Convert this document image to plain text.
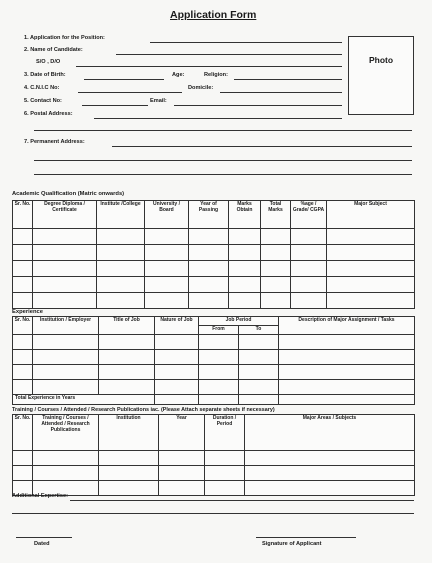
Application Form
1. Application for the Position:
2. Name of Candidate:
S/O , D/O
3. Date of Birth:	Age:	Religion:
4. C.N.I.C No:	Domicile:
5. Contact No:	Email:
6. Postal Address:
7. Permanent Address:
Photo
Academic Qualification (Matric onwards)
Sr. No.	Degree Diploma / Certificate	Institute /College	University / Board	Year of Passing	Marks Obtain	Total Marks	%age / Grade/ CGPA	Major Subject

Experience
Sr. No.	Institution / Employer	Title of Job	Nature of Job	Job Period		Description of Major Assignment / Tasks
				From	To	

Total Experience in Years						
Training / Courses / Attended / Research Publications iac. (Please Attach separate sheets if necessary)
Sr. No.	Training / Courses / Attended / Research Publications	Institution	Year	Duration / Period	Major Areas / Subjects

Additional Expertise:
Dated	Signature of Applicant
